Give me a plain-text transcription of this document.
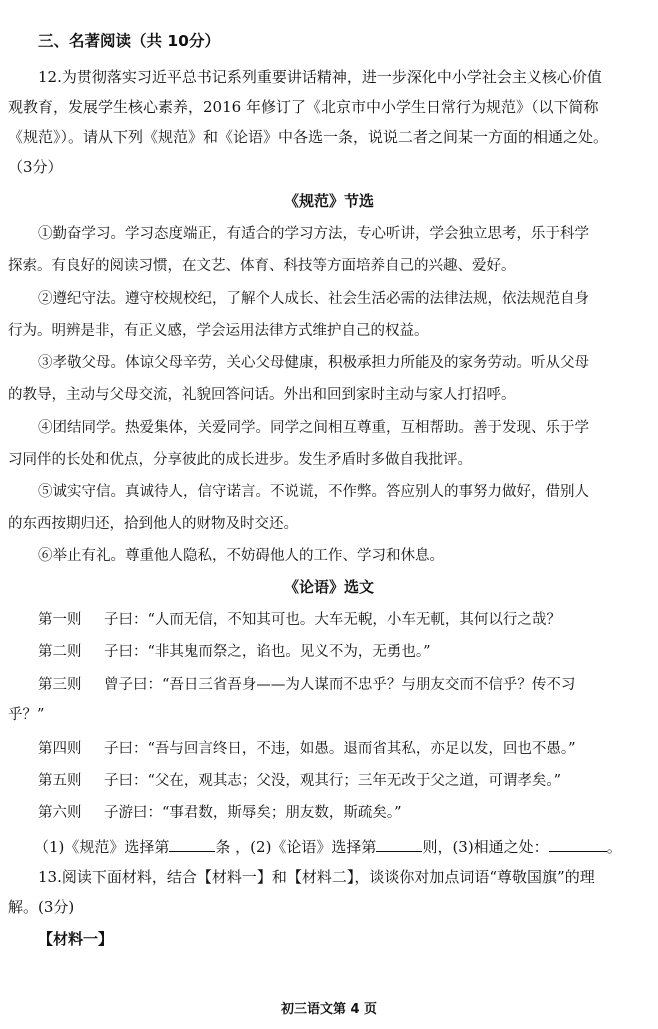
三、名著阅读（共 10分）
12.为贯彻落实习近平总书记系列重要讲话精神，进一步深化中小学社会主义核心价值
观教育，发展学生核心素养，2016 年修订了《北京市中小学生日常行为规范》（以下简称
《规范》）。请从下列《规范》和《论语》中各选一条，说说二者之间某一方面的相通之处。
（3分）
《规范》节选
①勤奋学习。学习态度端正，有适合的学习方法，专心听讲，学会独立思考，乐于科学
探索。有良好的阅读习惯，在文艺、体育、科技等方面培养自己的兴趣、爱好。
②遵纪守法。遵守校规校纪，了解个人成长、社会生活必需的法律法规，依法规范自身
行为。明辨是非，有正义感，学会运用法律方式维护自己的权益。
③孝敬父母。体谅父母辛劳，关心父母健康，积极承担力所能及的家务劳动。听从父母
的教导，主动与父母交流，礼貌回答问话。外出和回到家时主动与家人打招呼。
④团结同学。热爱集体，关爱同学。同学之间相互尊重，互相帮助。善于发现、乐于学
习同伴的长处和优点，分享彼此的成长进步。发生矛盾时多做自我批评。
⑤诚实守信。真诚待人，信守诺言。不说谎，不作弊。答应别人的事努力做好，借别人
的东西按期归还，拾到他人的财物及时交还。
⑥举止有礼。尊重他人隐私，不妨碍他人的工作、学习和休息。
《论语》选文
第一则 子曰：“人而无信，不知其可也。大车无輗，小车无軏，其何以行之哉？
第二则 子曰：“非其鬼而祭之，谄也。见义不为，无勇也。”
第三则 曾子曰：“吾日三省吾身——为人谋而不忠乎？与朋友交而不信乎？传不习
乎？”
第四则 子曰：“吾与回言终日，不违，如愚。退而省其私，亦足以发，回也不愚。”
第五则 子曰：“父在，观其志；父没，观其行；三年无改于父之道，可谓孝矣。”
第六则 子游曰：“事君数，斯辱矣；朋友数，斯疏矣。”
（1)《规范》选择第	条 ，(2)《论语》选择第	则，(3)相通之处：	。
13.阅读下面材料，结合【材料一】和【材料二】，谈谈你对加点词语“尊敬国旗”的理
解。(3分)
【材料一】
初三语文第 4 页
